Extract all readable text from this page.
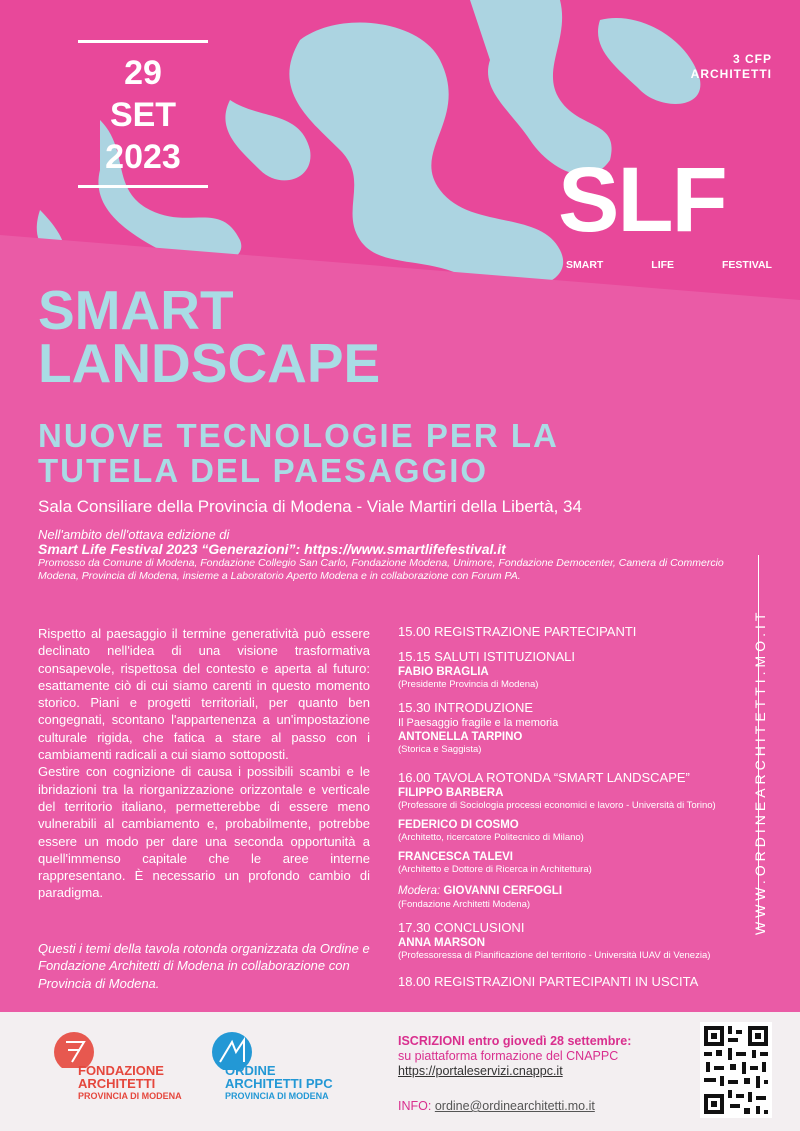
29
SET
2023
3 CFP
ARCHITETTI
SLF
SMART	LIFE	FESTIVAL
SMART
LANDSCAPE
NUOVE TECNOLOGIE PER LA
TUTELA DEL PAESAGGIO
Sala Consiliare della Provincia di Modena - Viale Martiri della Libertà, 34
Nell'ambito dell'ottava edizione di
Smart Life Festival 2023 “Generazioni”: https://www.smartlifefestival.it
Promosso da Comune di Modena, Fondazione Collegio San Carlo, Fondazione Modena, Unimore, Fondazione Democenter, Camera di Commercio Modena, Provincia di Modena, insieme a Laboratorio Aperto Modena e in collaborazione con Forum PA.
Rispetto al paesaggio il termine generatività può essere declinato nell'idea di una visione trasformativa consapevole, rispettosa del contesto e aperta al futuro: esattamente ciò di cui siamo carenti in questo momento storico. Piani e progetti territoriali, per quanto ben congegnati, scontano l'appartenenza a un'impostazione culturale rigida, che fatica a stare al passo con i cambiamenti radicali a cui siamo sottoposti.
Gestire con cognizione di causa i possibili scambi e le ibridazioni tra la riorganizzazione orizzontale e verticale del territorio italiano, permetterebbe di essere meno vulnerabili al cambiamento e, probabilmente, potrebbe essere un modo per dare una seconda opportunità a quell'immenso capitale che le aree interne rappresentano. È necessario un profondo cambio di paradigma.
Questi i temi della tavola rotonda organizzata da Ordine e Fondazione Architetti di Modena in collaborazione con Provincia di Modena.
15.00 REGISTRAZIONE PARTECIPANTI
15.15 SALUTI ISTITUZIONALI
FABIO BRAGLIA
(Presidente Provincia di Modena)
15.30 INTRODUZIONE
Il Paesaggio fragile e la memoria
ANTONELLA TARPINO
(Storica e Saggista)
16.00 TAVOLA ROTONDA “SMART LANDSCAPE”
FILIPPO BARBERA
(Professore di Sociologia processi economici e lavoro - Università di Torino)
FEDERICO DI COSMO
(Architetto, ricercatore Politecnico di Milano)
FRANCESCA TALEVI
(Architetto e Dottore di Ricerca in Architettura)
Modera: GIOVANNI CERFOGLI
(Fondazione Architetti Modena)
17.30 CONCLUSIONI
ANNA MARSON
(Professoressa di Pianificazione del territorio - Università IUAV di Venezia)
18.00 REGISTRAZIONI PARTECIPANTI IN USCITA
WWW.ORDINEARCHITETTI.MO.IT
FONDAZIONE
ARCHITETTI
PROVINCIA DI MODENA
ORDINE
ARCHITETTI PPC
PROVINCIA DI MODENA
ISCRIZIONI entro giovedì 28 settembre:
su piattaforma formazione del CNAPPC
https://portaleservizi.cnappc.it
INFO: ordine@ordinearchitetti.mo.it
